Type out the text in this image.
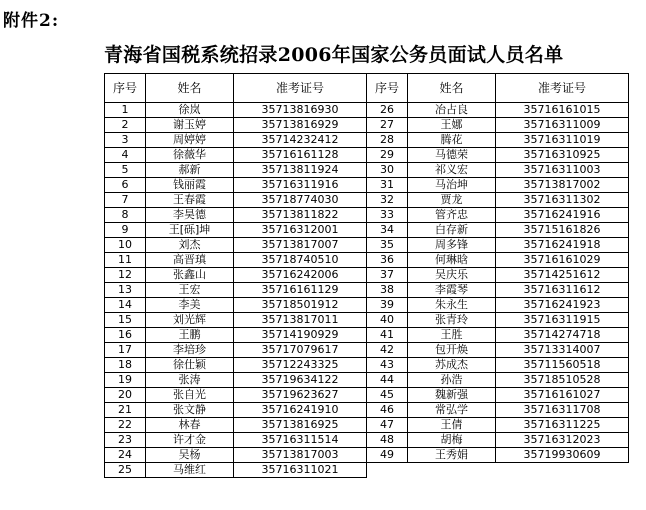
附件2:
青海省国税系统招录2006年国家公务员面试人员名单
序号	姓名	准考证号	序号	姓名	准考证号
1	徐岚	35713816930	26	冶占良	35716161015
2	谢玉婷	35713816929	27	王娜	35716311009
3	周婷婷	35714232412	28	腾花	35716311019
4	徐薇华	35716161128	29	马德荣	35716310925
5	郝新	35713811924	30	祁义宏	35716311003
6	钱丽霞	35716311916	31	马治坤	35713817002
7	王春霞	35718774030	32	贾龙	35716311302
8	李昊德	35713811822	33	管齐忠	35716241916
9	王[砾]坤	35716312001	34	白存新	35715161826
10	刘杰	35713817007	35	周多锋	35716241918
11	高晋瑱	35718740510	36	何琳晗	35716161029
12	张鑫山	35716242006	37	吴庆乐	35714251612
13	王宏	35716161129	38	李霞琴	35716311612
14	李美	35718501912	39	朱永生	35716241923
15	刘光辉	35713817011	40	张青玲	35716311915
16	王鹏	35714190929	41	王胜	35714274718
17	李培珍	35717079617	42	包开焕	35713314007
18	徐仕颖	35712243325	43	苏成杰	35711560518
19	张涛	35719634122	44	孙浩	35718510528
20	张自光	35719623627	45	魏新强	35716161027
21	张文静	35716241910	46	常弘学	35716311708
22	林春	35713816925	47	王倩	35716311225
23	许才金	35716311514	48	胡梅	35716312023
24	吴杨	35713817003	49	王秀娟	35719930609
25	马维红	35716311021			
